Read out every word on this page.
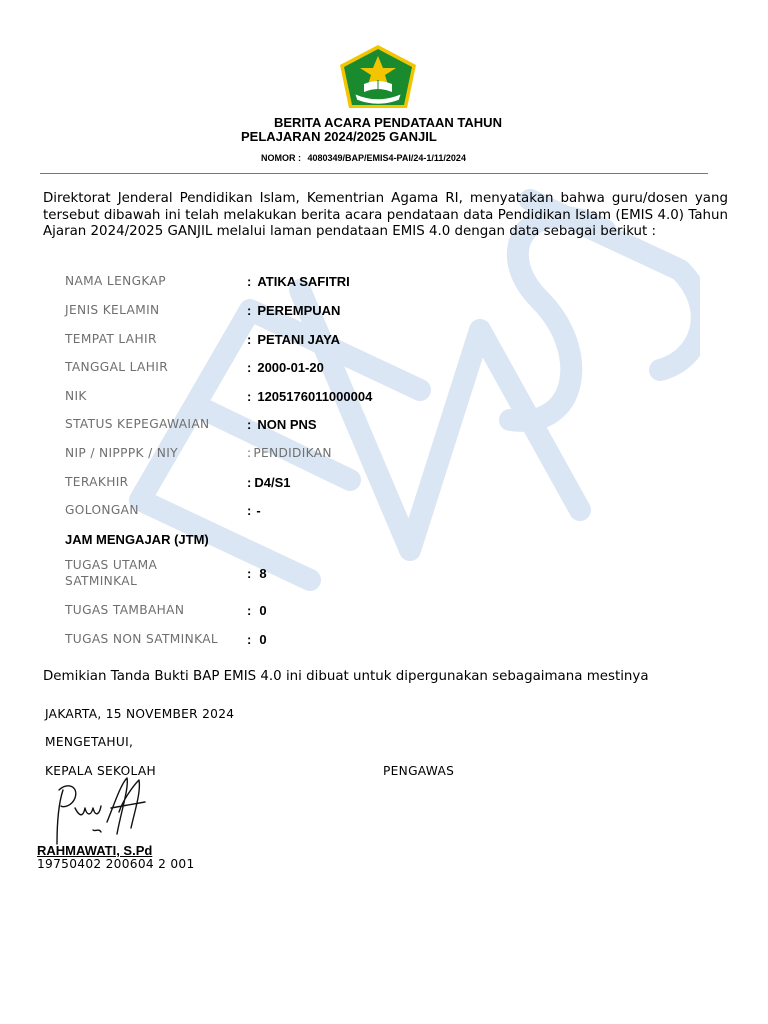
BERITA ACARA PENDATAAN TAHUN
PELAJARAN 2024/2025 GANJIL
NOMOR : 4080349/BAP/EMIS4-PAI/24-1/11/2024
Direktorat Jenderal Pendidikan Islam, Kementrian Agama RI, menyatakan bahwa guru/dosen yang tersebut dibawah ini telah melakukan berita acara pendataan data Pendidikan Islam (EMIS 4.0) Tahun Ajaran 2024/2025 GANJIL melalui laman pendataan EMIS 4.0 dengan data sebagai berikut :
NAMA LENGKAP	: ATIKA SAFITRI
JENIS KELAMIN	: PEREMPUAN
TEMPAT LAHIR	: PETANI JAYA
TANGGAL LAHIR	: 2000-01-20
NIK	: 1205176011000004
STATUS KEPEGAWAIAN	: NON PNS
NIP / NIPPPK / NIY	: PENDIDIKAN
TERAKHIR	: D4/S1
GOLONGAN	: -
JAM MENGAJAR (JTM)
TUGAS UTAMA SATMINKAL	: 8
TUGAS TAMBAHAN	: 0
TUGAS NON SATMINKAL : 0
Demikian Tanda Bukti BAP EMIS 4.0 ini dibuat untuk dipergunakan sebagaimana mestinya
JAKARTA, 15 NOVEMBER 2024
MENGETAHUI,
KEPALA SEKOLAH	PENGAWAS
RAHMAWATI, S.Pd
19750402 200604 2 001
